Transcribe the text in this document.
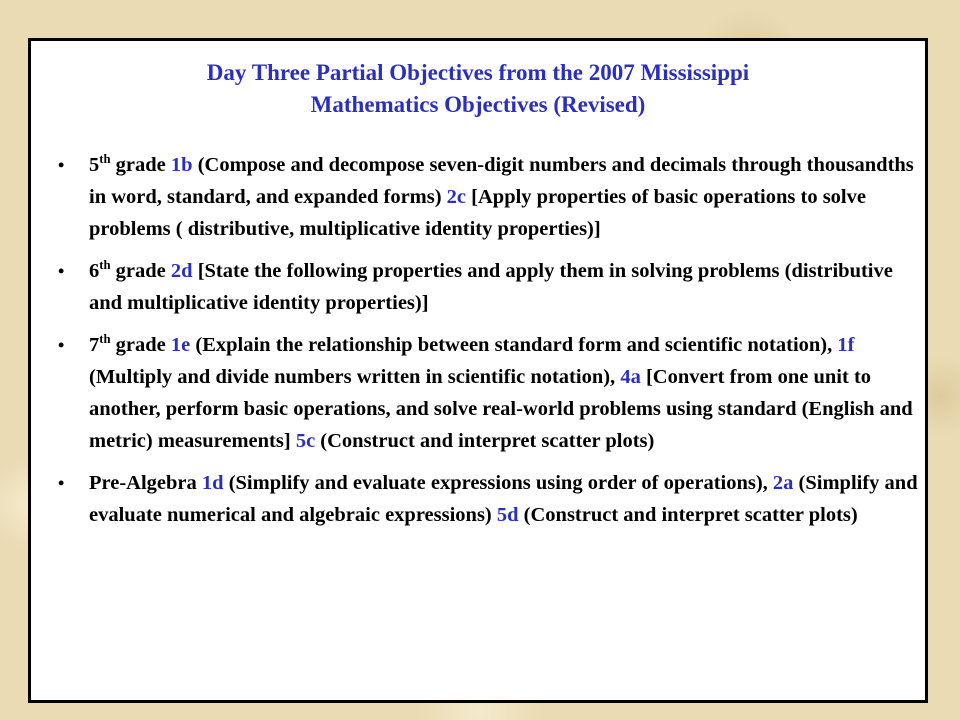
Day Three Partial Objectives from the 2007 Mississippi
Mathematics Objectives (Revised)
• 5th grade 1b (Compose and decompose seven-digit numbers and decimals through thousandths in word, standard, and expanded forms) 2c [Apply properties of basic operations to solve problems ( distributive, multiplicative identity properties)]
• 6th grade 2d [State the following properties and apply them in solving problems (distributive and multiplicative identity properties)]
• 7th grade 1e (Explain the relationship between standard form and scientific notation), 1f (Multiply and divide numbers written in scientific notation), 4a [Convert from one unit to another, perform basic operations, and solve real-world problems using standard (English and metric) measurements] 5c (Construct and interpret scatter plots)
• Pre-Algebra 1d (Simplify and evaluate expressions using order of operations), 2a (Simplify and evaluate numerical and algebraic expressions) 5d (Construct and interpret scatter plots)
